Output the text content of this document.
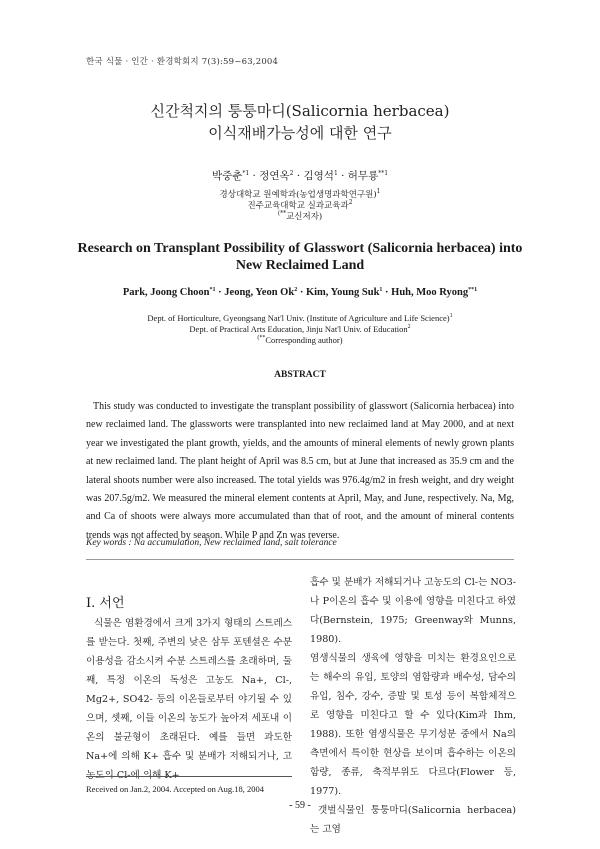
한국 식물 · 인간 · 환경학회지 7(3):59~63,2004
신간척지의 퉁퉁마디(Salicornia herbacea)
이식재배가능성에 대한 연구
박중춘$^{*1}$ · 정연옥$^2$ · 김영석$^1$ · 허무룡$^{**1}$
경상대학교 원예학과(농업생명과학연구원)$^1$
진주교육대학교 실과교육과$^2$
(**교신저자)
Research on Transplant Possibility of Glasswort (Salicornia herbacea) into New Reclaimed Land
Park, Joong Choon$^{*1}$ · Jeong, Yeon $Ok^2$ · Kim, Young Suk$^1$ · Huh, Moo Ryong$^{**1}$
Dept. of Horticulture, Gyeongsang Nat'l Univ. (Institute of Agriculture and Life Science)$^1$
Dept. of Practical Arts Education, Jinju Nat'l Univ. of Education$^2$
(**Corresponding author)
ABSTRACT
This study was conducted to investigate the transplant possibility of glasswort (Salicornia herbacea) into new reclaimed land. The glassworts were transplanted into new reclaimed land at May 2000, and at next year we investigated the plant growth, yields, and the amounts of mineral elements of newly grown plants at new reclaimed land. The plant height of April was 8.5 cm, but at June that increased as 35.9 cm and the lateral shoots number were also increased. The total yields was 976.4g/m2 in fresh weight, and dry weight was 207.5g/m2. We measured the mineral element contents at April, May, and June, respectively. Na, Mg, and Ca of shoots were always more accumulated than that of root, and the amount of mineral contents trends was not affected by season. While P and Zn was reverse.
Key words : Na accumulation, New reclaimed land, salt tolerance
Ⅰ. 서언

식물은 염환경에서 크게 3가지 형태의 스트레스를 받는다. 첫째, 주변의 낮은 삼투 포텐셜은 수분 이용성을 감소시켜 수분 스트레스를 초래하며, 둘째, 특정 이온의 독성은 고농도 Na+, Cl-, Mg2+, SO42- 등의 이온들로부터 야기될 수 있으며, 셋째, 이들 이온의 농도가 높아져 세포내 이온의 불균형이 초래된다. 예를 들면 과도한 Na+에 의해 K+ 흡수 및 분배가 저해되거나, 고농도의 Cl-에 의해 K+

흡수 및 분배가 저해되거나 고농도의 Cl-는 NO3-나 P이온의 흡수 및 이용에 영향을 미친다고 하였다(Bernstein, 1975; Greenway와 Munns, 1980).

염생식물의 생육에 영향을 미치는 환경요인으로는 해수의 유입, 토양의 염함량과 배수성, 담수의 유입, 침수, 강수, 증발 및 토성 등이 복합체적으로 영향을 미친다고 할 수 있다(Kim과 Ihm, 1988). 또한 염생식물은 무기성분 중에서 Na의 측면에서 특이한 현상을 보이며 흡수하는 이온의 함량, 종류, 축적부위도 다르다(Flower 등, 1977).

갯벌식물인 퉁퉁마디(Salicornia herbacea)는 고염

Received on Jan.2, 2004. Accepted on Aug.18, 2004
- 59 -
